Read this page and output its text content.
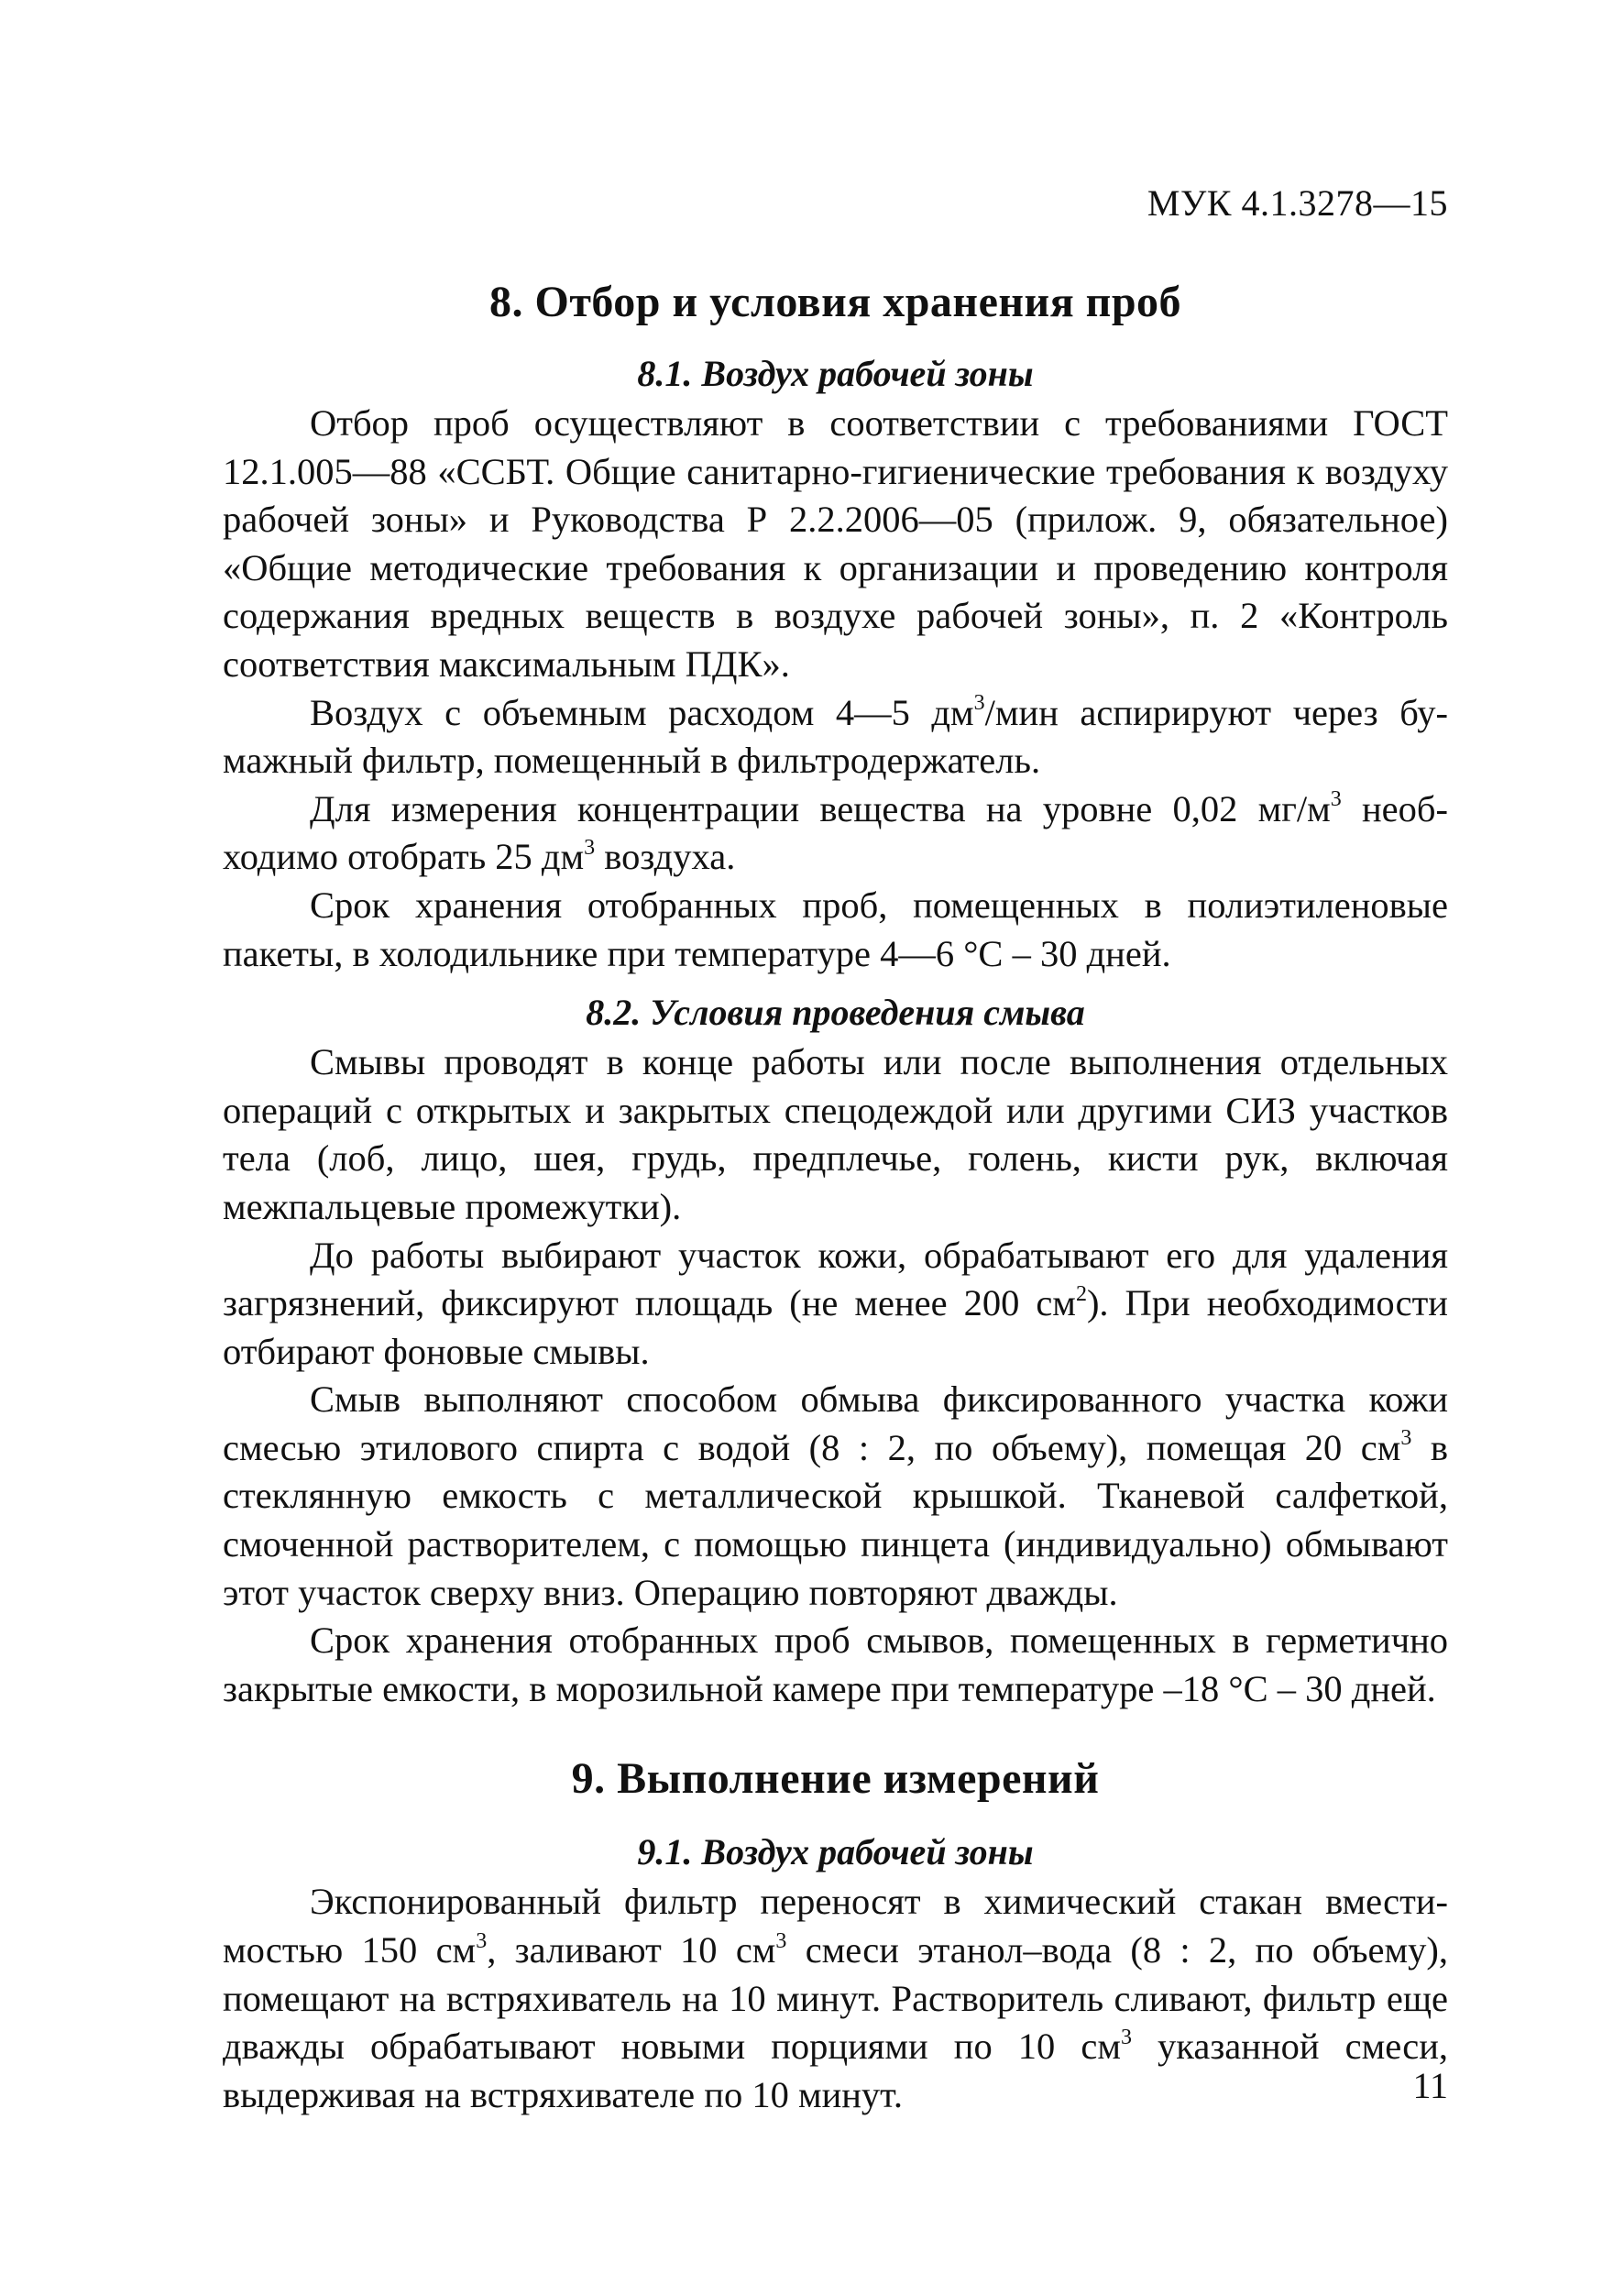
МУК 4.1.3278—15
8. Отбор и условия хранения проб
8.1. Воздух рабочей зоны

Отбор проб осуществляют в соответствии с требованиями ГОСТ 12.1.005—88 «ССБТ. Общие санитарно-гигиенические требования к воздуху рабочей зоны» и Руководства Р 2.2.2006—05 (прилож. 9, обязательное) «Общие методические требования к организации и проведению контроля содержания вредных веществ в воздухе рабочей зоны», п. 2 «Контроль соответствия максимальным ПДК».

Воздух с объемным расходом 4—5 $дм^3$/мин аспирируют через бумажный фильтр, помещенный в фильтродержатель.

Для измерения концентрации вещества на уровне 0,02 $мг/м^3$ необходимо отобрать 25 $дм^3$ воздуха.

Срок хранения отобранных проб, помещенных в полиэтиленовые пакеты, в холодильнике при температуре 4—6 °С – 30 дней.

8.2. Условия проведения смыва

Смывы проводят в конце работы или после выполнения отдельных операций с открытых и закрытых спецодеждой или другими СИЗ участков тела (лоб, лицо, шея, грудь, предплечье, голень, кисти рук, включая межпальцевые промежутки).

До работы выбирают участок кожи, обрабатывают его для удаления загрязнений, фиксируют площадь (не менее 200 $см^2$). При необходимости отбирают фоновые смывы.

Смыв выполняют способом обмыва фиксированного участка кожи смесью этилового спирта с водой (8 : 2, по объему), помещая 20 $см^3$ в стеклянную емкость с металлической крышкой. Тканевой салфеткой, смоченной растворителем, с помощью пинцета (индивидуально) обмывают этот участок сверху вниз. Операцию повторяют дважды.

Срок хранения отобранных проб смывов, помещенных в герметично закрытые емкости, в морозильной камере при температуре –18 °С – 30 дней.

9. Выполнение измерений
9.1. Воздух рабочей зоны

Экспонированный фильтр переносят в химический стакан вместимостью 150 $см^3$, заливают 10 $см^3$ смеси этанол–вода (8 : 2, по объему), помещают на встряхиватель на 10 минут. Растворитель сливают, фильтр еще дважды обрабатывают новыми порциями по 10 $см^3$ указанной смеси, выдерживая на встряхивателе по 10 минут.	11
